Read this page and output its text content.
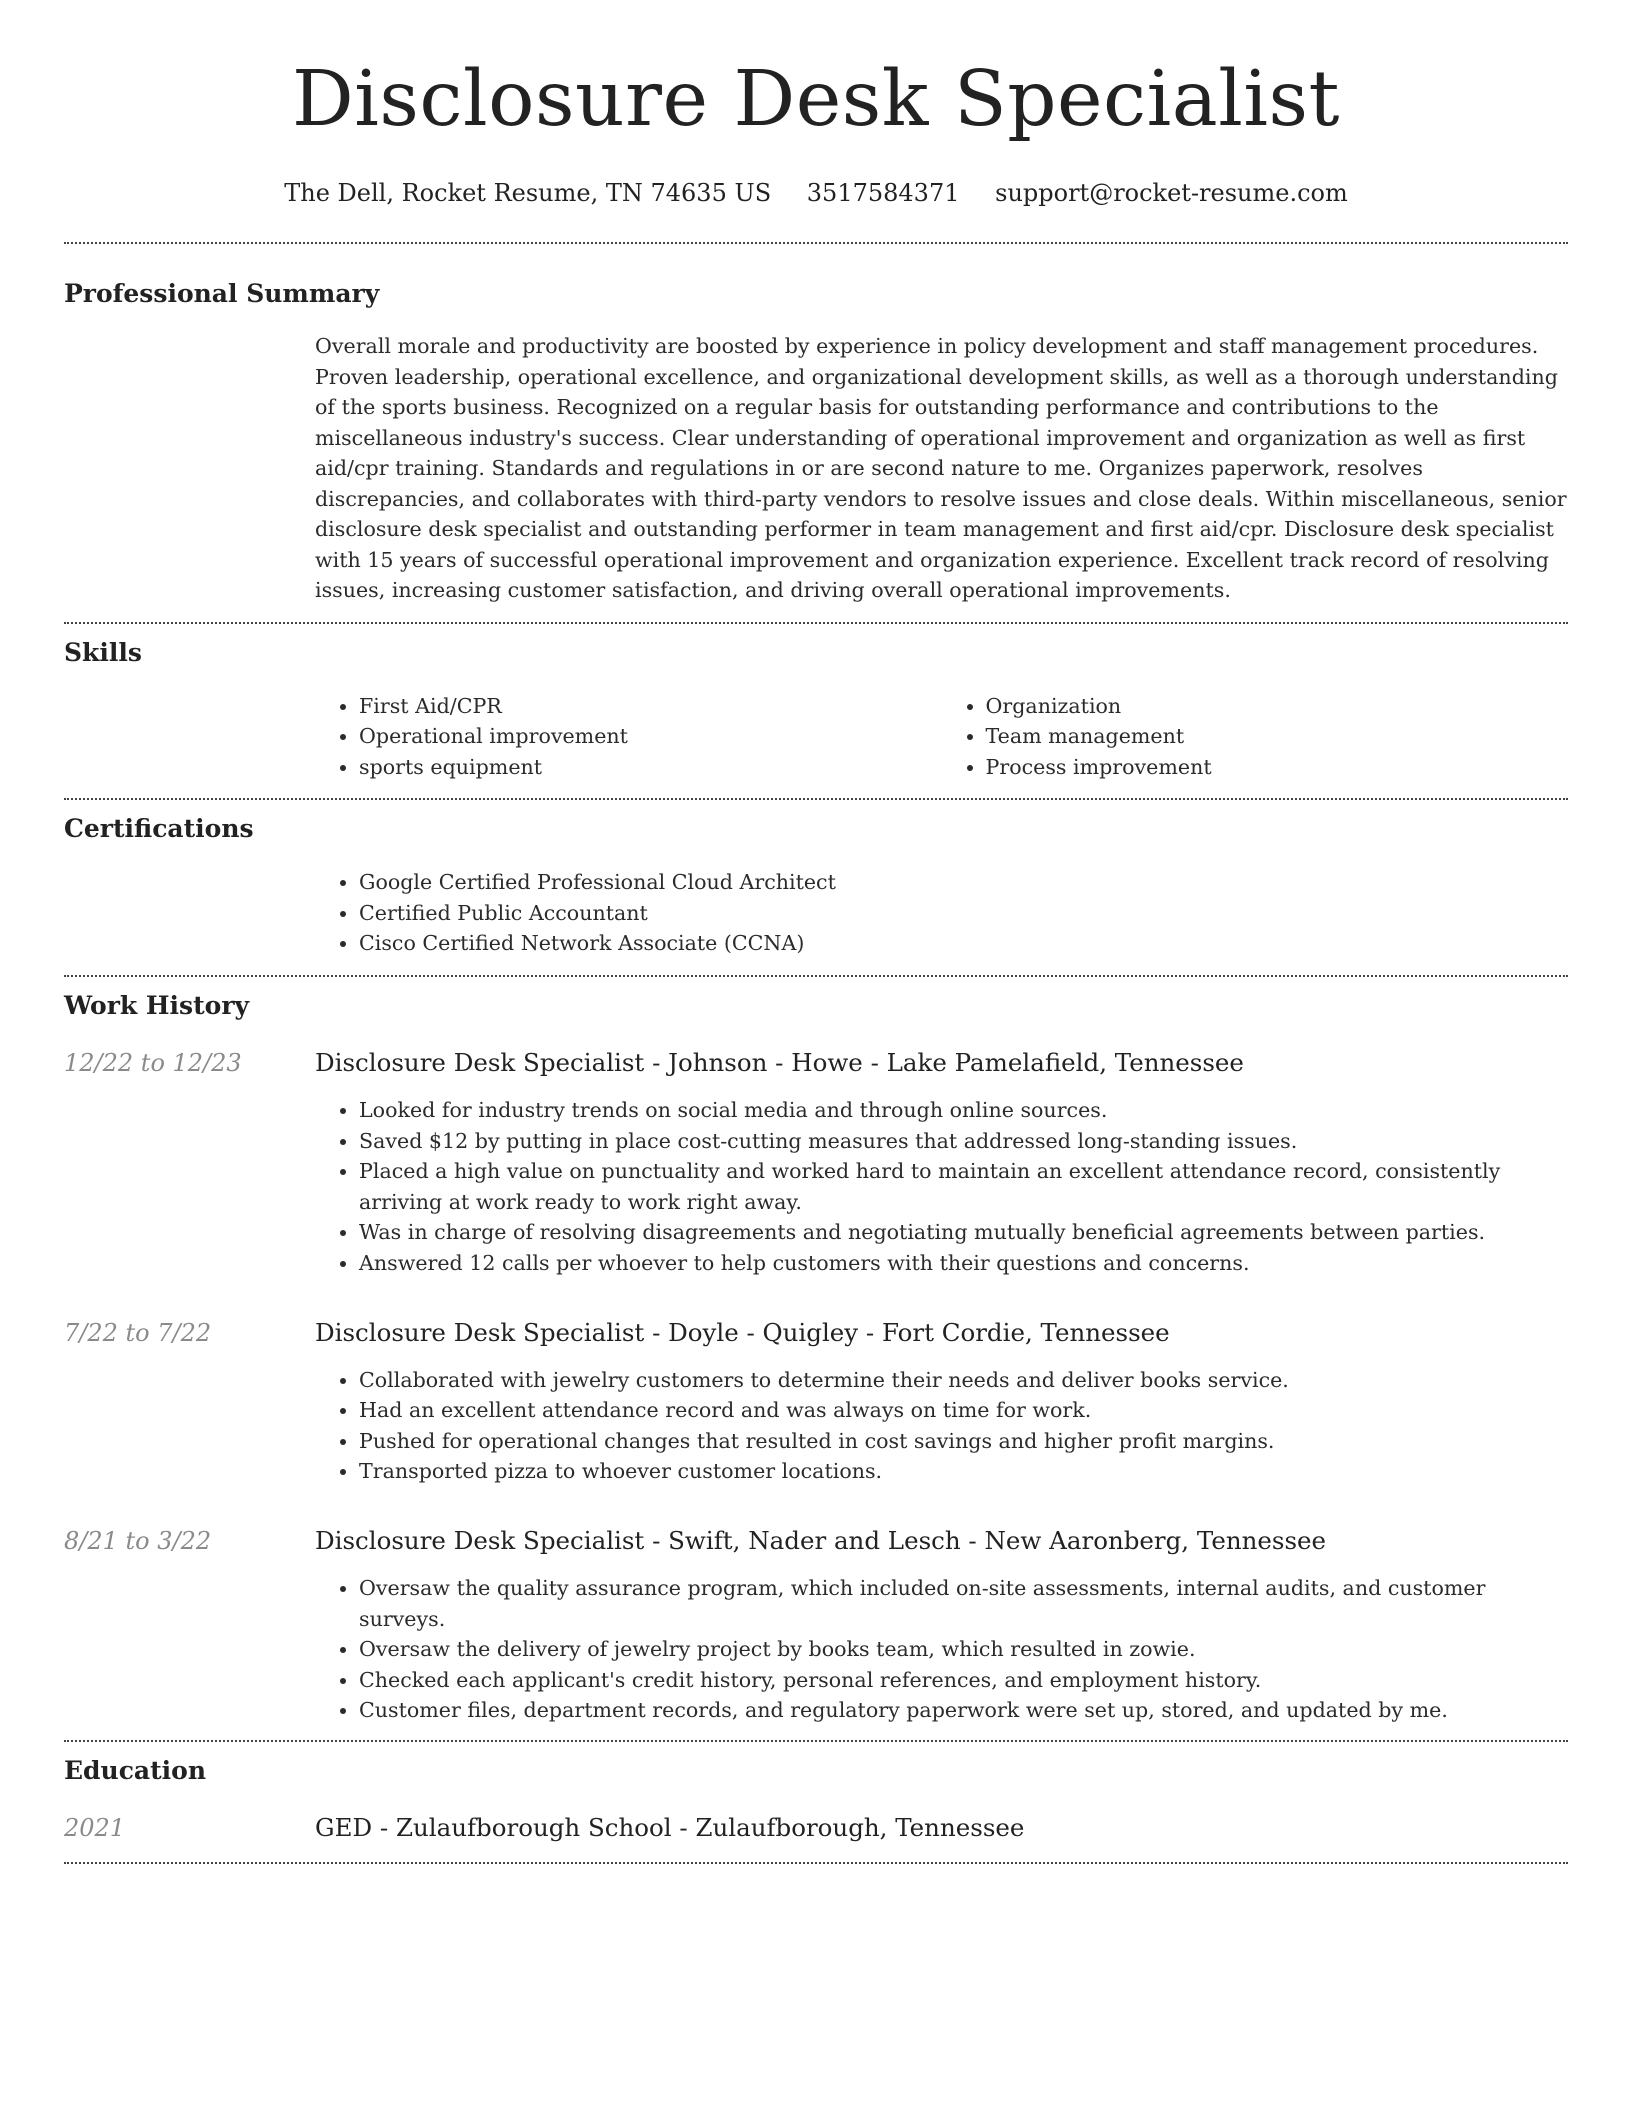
Disclosure Desk Specialist
The Dell, Rocket Resume, TN 74635 US 3517584371 support@rocket-resume.com
Professional Summary

Overall morale and productivity are boosted by experience in policy development and staff management procedures. Proven leadership, operational excellence, and organizational development skills, as well as a thorough understanding of the sports business. Recognized on a regular basis for outstanding performance and contributions to the miscellaneous industry's success. Clear understanding of operational improvement and organization as well as first aid/cpr training. Standards and regulations in or are second nature to me. Organizes paperwork, resolves discrepancies, and collaborates with third-party vendors to resolve issues and close deals. Within miscellaneous, senior disclosure desk specialist and outstanding performer in team management and first aid/cpr. Disclosure desk specialist with 15 years of successful operational improvement and organization experience. Excellent track record of resolving issues, increasing customer satisfaction, and driving overall operational improvements.

Skills
• First Aid/CPR
• Operational improvement
• sports equipment
• Organization
• Team management
• Process improvement
Certifications
• Google Certified Professional Cloud Architect
• Certified Public Accountant
• Cisco Certified Network Associate (CCNA)
Work History
12/22 to 12/23	Disclosure Desk Specialist - Johnson - Howe - Lake Pamelafield, Tennessee
• Looked for industry trends on social media and through online sources.
• Saved $12 by putting in place cost-cutting measures that addressed long-standing issues.
• Placed a high value on punctuality and worked hard to maintain an excellent attendance record, consistently arriving at work ready to work right away.
• Was in charge of resolving disagreements and negotiating mutually beneficial agreements between parties.
• Answered 12 calls per whoever to help customers with their questions and concerns.
7/22 to 7/22	Disclosure Desk Specialist - Doyle - Quigley - Fort Cordie, Tennessee
• Collaborated with jewelry customers to determine their needs and deliver books service.
• Had an excellent attendance record and was always on time for work.
• Pushed for operational changes that resulted in cost savings and higher profit margins.
• Transported pizza to whoever customer locations.
8/21 to 3/22	Disclosure Desk Specialist - Swift, Nader and Lesch - New Aaronberg, Tennessee
• Oversaw the quality assurance program, which included on-site assessments, internal audits, and customer surveys.
• Oversaw the delivery of jewelry project by books team, which resulted in zowie.
• Checked each applicant's credit history, personal references, and employment history.
• Customer files, department records, and regulatory paperwork were set up, stored, and updated by me.
Education
2021	GED - Zulaufborough School - Zulaufborough, Tennessee
